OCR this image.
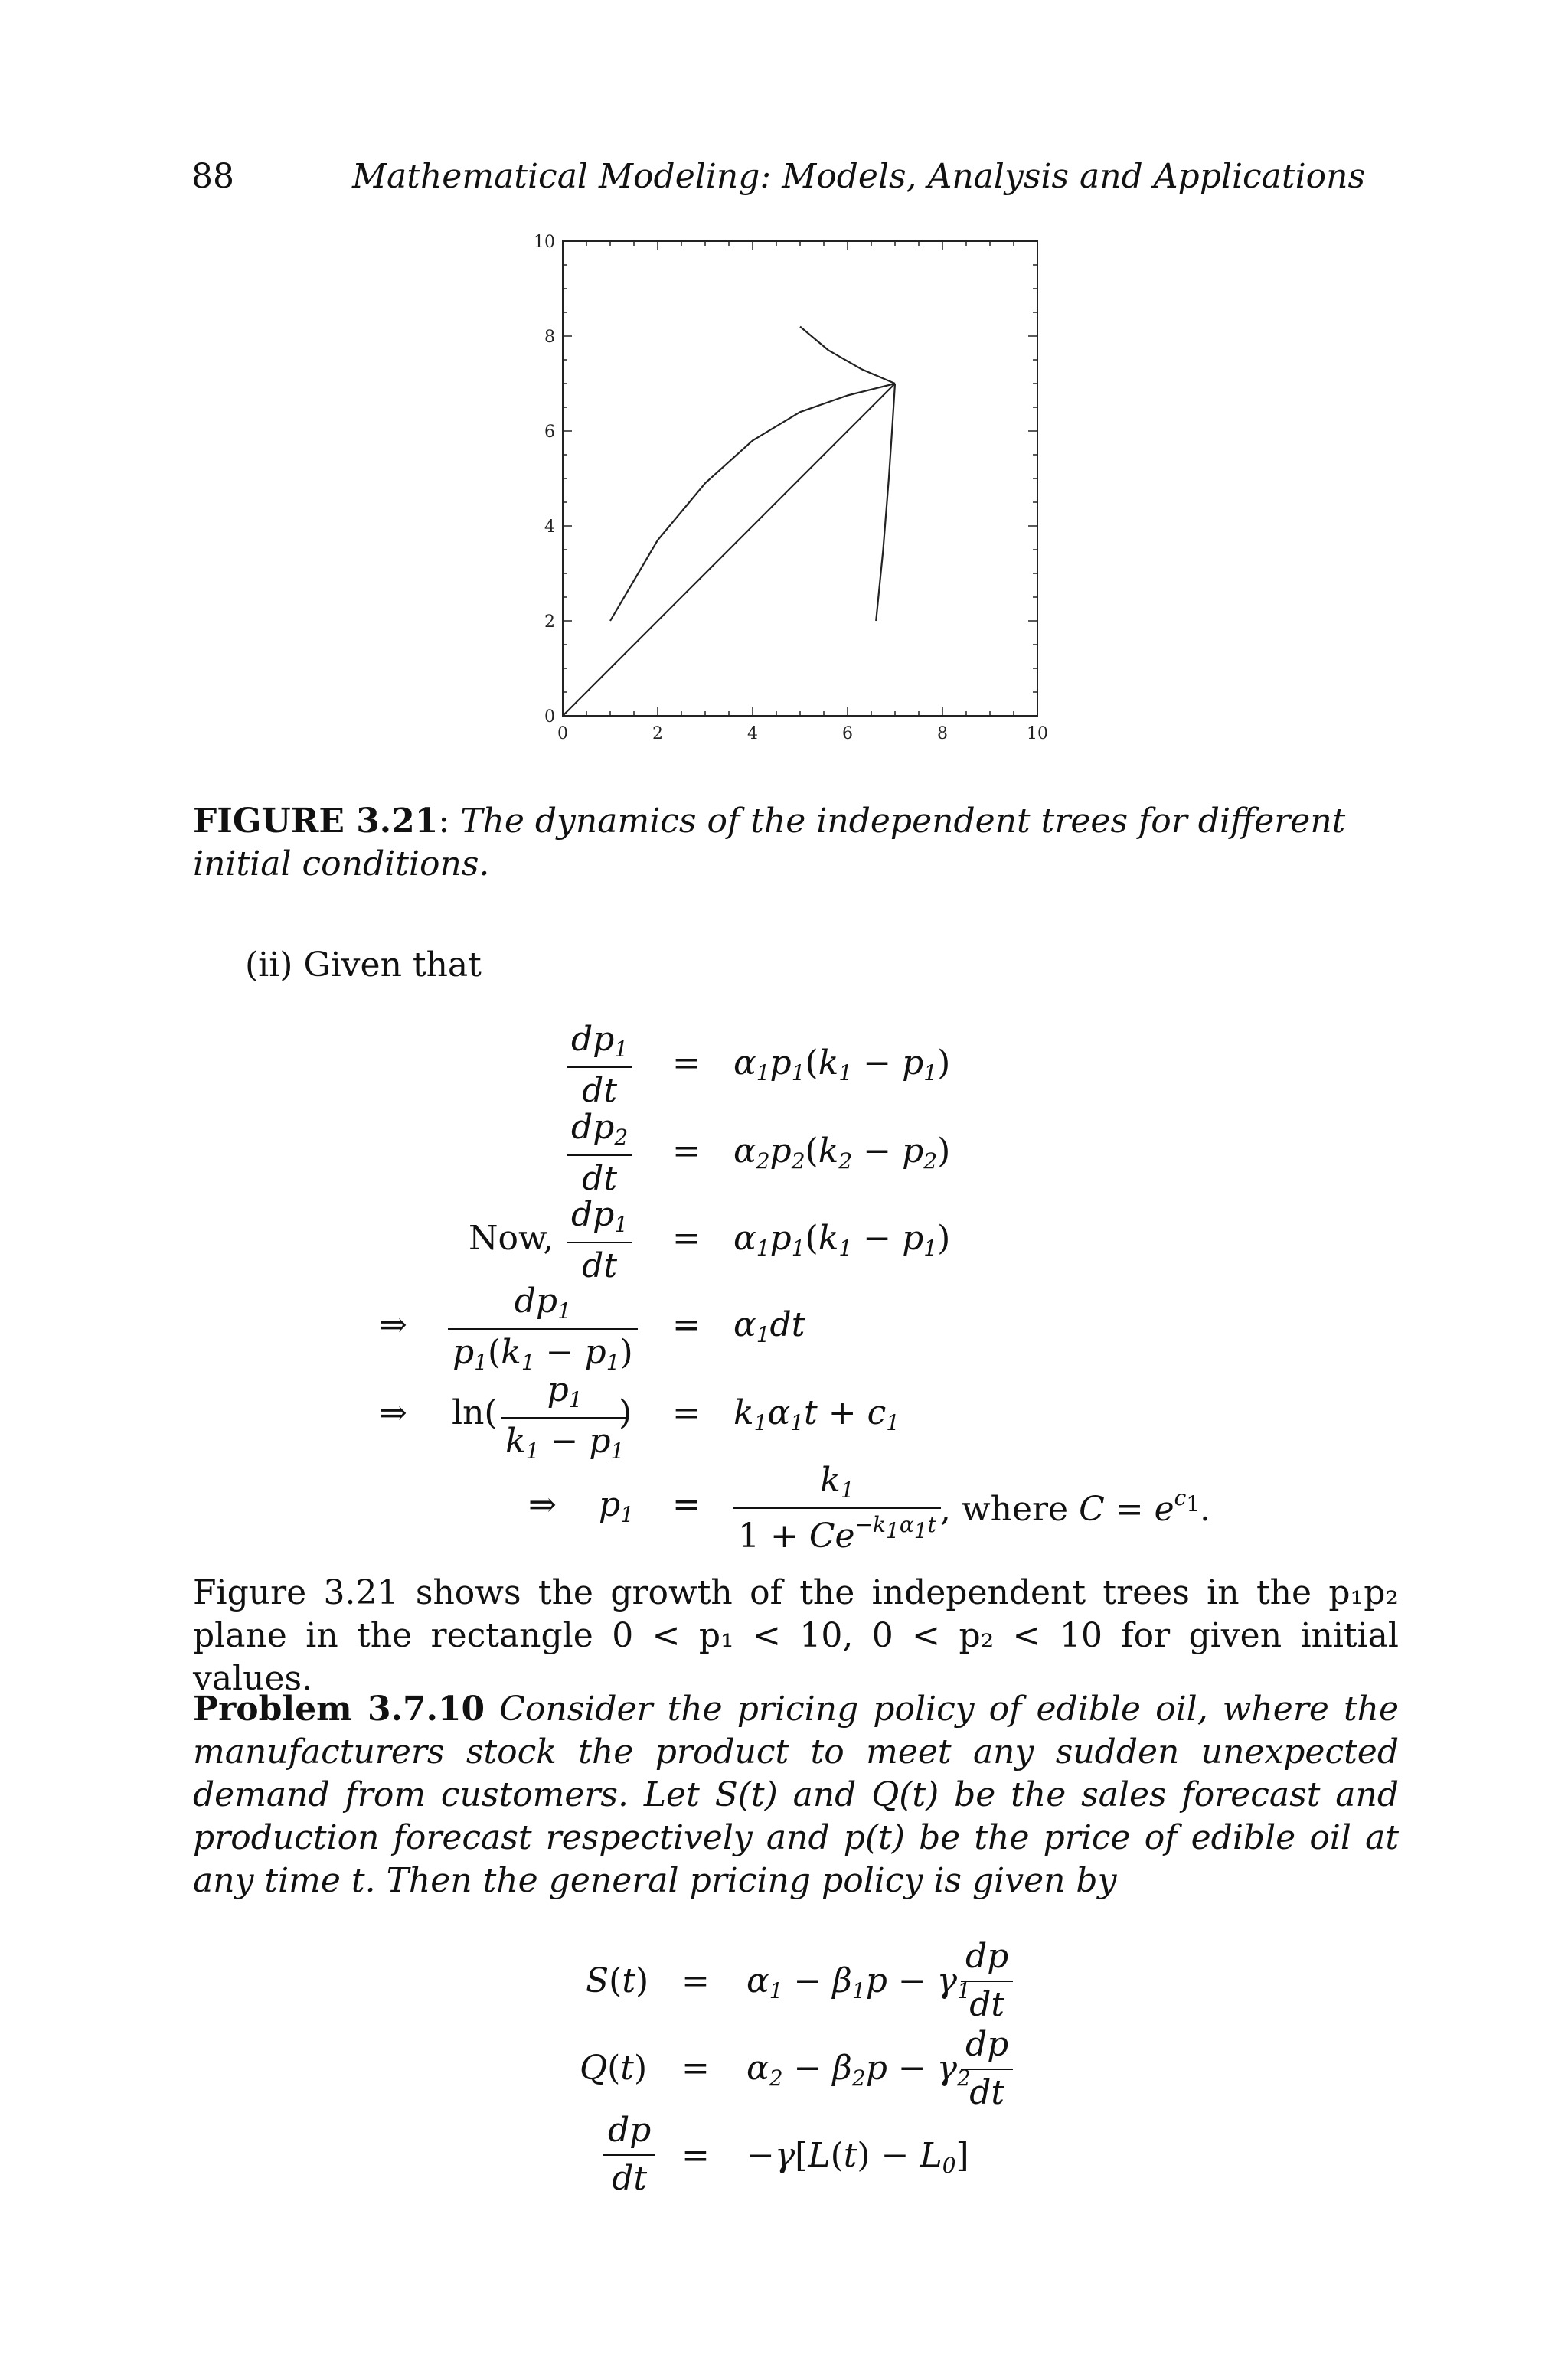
88	Mathematical Modeling: Models, Analysis and Applications
0	2	4	6	8	10
0
2
4
6
8
10
FIGURE 3.21: The dynamics of the independent trees for different initial conditions.
(ii) Given that
$\frac{dp_1}{dt} = \alpha_1p_1(k_1 - p_1)$
$\frac{dp_2}{dt} = \alpha_2p_2(k_2 - p_2)$
Now, $\frac{dp_1}{dt} = \alpha_1p_1(k_1 - p_1)$
⇒ $\frac{dp_1}{p_1(k_1 - p_1)} = \alpha_1dt$
⇒ $\ln( \frac{p_1}{k_1 - p_1}$
) = $k_1\alpha_1t + c_1$
⇒ $p_1 = \frac{k_1}{1 + Ce^{-k_1\alpha_1t}}$ , where $C = e^{c_1}$.
Figure 3.21 shows the growth of the independent trees in the p₁p₂ plane in the rectangle 0 < p₁ < 10, 0 < p₂ < 10 for given initial values.
Problem 3.7.10 Consider the pricing policy of edible oil, where the manufacturers stock the product to meet any sudden unexpected demand from customers. Let S(t) and Q(t) be the sales forecast and production forecast respectively and p(t) be the price of edible oil at any time t. Then the general pricing policy is given by
$S(t) = \alpha_1 - \beta_1p - \gamma_1$
$\frac{dp}{dt}$
$Q(t) = \alpha_2 - \beta_2p - \gamma_2$
$\frac{dp}{dt}$
$\frac{dp}{dt} = -\gamma[L(t) - L_0]$
